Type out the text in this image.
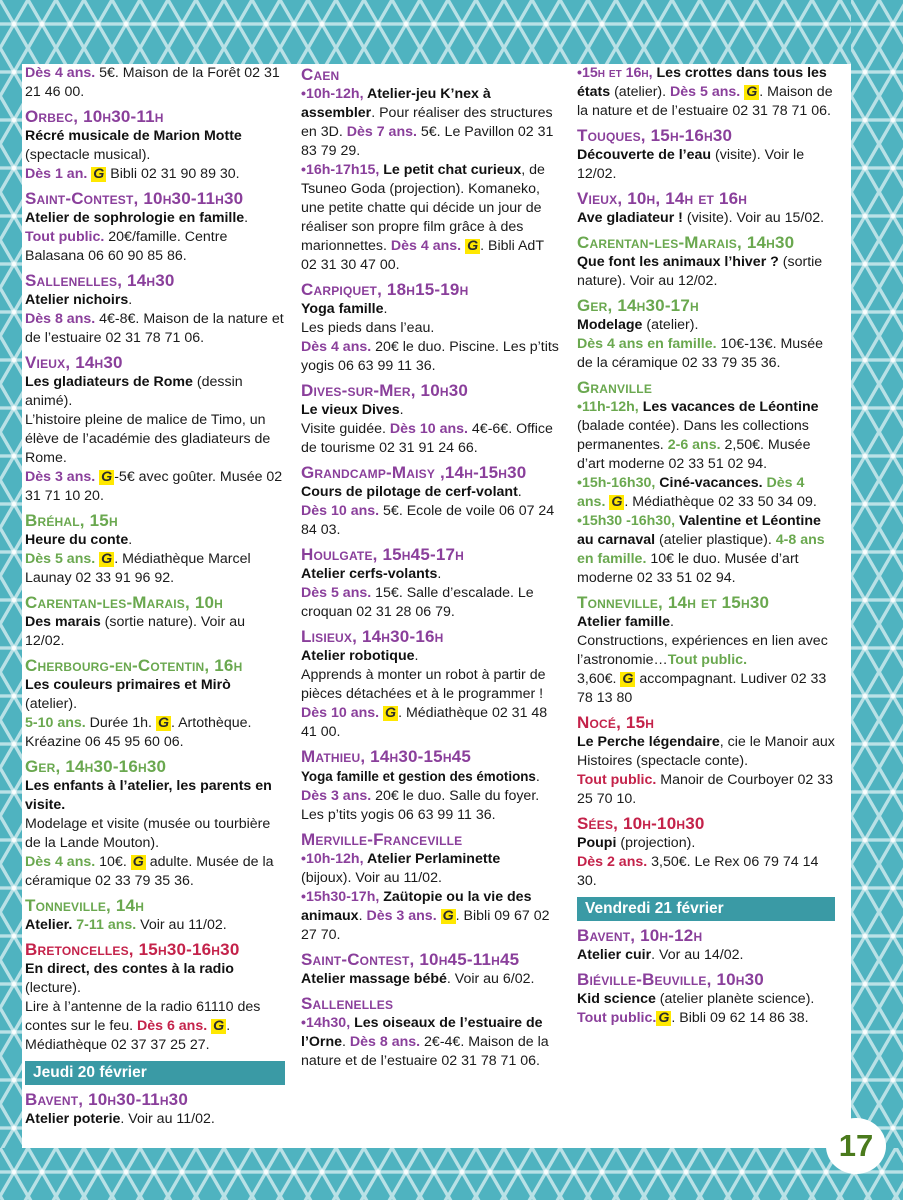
Dès 4 ans. 5€. Maison de la Forêt 02 31 21 46 00.
Orbec, 10h30-11h
Récré musicale de Marion Motte (spectacle musical).
Dès 1 an. G Bibli 02 31 90 89 30.
Saint-Contest, 10h30-11h30
Atelier de sophrologie en famille.
Tout public. 20€/famille. Centre Balasana 06 60 90 85 86.
Sallenelles, 14h30
Atelier nichoirs.
Dès 8 ans. 4€-8€. Maison de la nature et de l’estuaire 02 31 78 71 06.
Vieux, 14h30
Les gladiateurs de Rome (dessin animé).
L’histoire pleine de malice de Timo, un élève de l’académie des gladiateurs de Rome.
Dès 3 ans. G -5€ avec goûter. Musée 02 31 71 10 20.
Bréhal, 15h
Heure du conte.
Dès 5 ans. G . Médiathèque Marcel Launay 02 33 91 96 92.
Carentan-les-Marais, 10h
Des marais (sortie nature). Voir au 12/02.
Cherbourg-en-Cotentin, 16h
Les couleurs primaires et Mirò (atelier).
5-10 ans. Durée 1h. G . Artothèque. Kréazine 06 45 95 60 06.
Ger, 14h30-16h30
Les enfants à l’atelier, les parents en visite.
Modelage et visite (musée ou tourbière de la Lande Mouton).
Dès 4 ans. 10€. G adulte. Musée de la céramique 02 33 79 35 36.
Tonneville, 14h
Atelier. 7-11 ans. Voir au 11/02.
Bretoncelles, 15h30-16h30
En direct, des contes à la radio (lecture).
Lire à l’antenne de la radio 61110 des contes sur le feu. Dès 6 ans. G . Médiathèque 02 37 37 25 27.
Jeudi 20 février
Bavent, 10h30-11h30
Atelier poterie. Voir au 11/02.
Caen
•10h-12h, Atelier-jeu K’nex à assembler. Pour réaliser des structures en 3D. Dès 7 ans. 5€. Le Pavillon 02 31 83 79 29.
•16h-17h15, Le petit chat curieux, de Tsuneo Goda (projection). Komaneko, une petite chatte qui décide un jour de réaliser son propre film grâce à des marionnettes. Dès 4 ans. G . Bibli AdT 02 31 30 47 00.
Carpiquet, 18h15-19h
Yoga famille.
Les pieds dans l’eau.
Dès 4 ans. 20€ le duo. Piscine. Les p’tits yogis 06 63 99 11 36.
Dives-sur-Mer, 10h30
Le vieux Dives.
Visite guidée. Dès 10 ans. 4€-6€. Office de tourisme 02 31 91 24 66.
Grandcamp-Maisy ,14h-15h30
Cours de pilotage de cerf-volant.
Dès 10 ans. 5€. Ecole de voile 06 07 24 84 03.
Houlgate, 15h45-17h
Atelier cerfs-volants.
Dès 5 ans. 15€. Salle d’escalade. Le croquan 02 31 28 06 79.
Lisieux, 14h30-16h
Atelier robotique.
Apprends à monter un robot à partir de pièces détachées et à le programmer !
Dès 10 ans. G . Médiathèque 02 31 48 41 00.
Mathieu, 14h30-15h45
Yoga famille et gestion des émotions.
Dès 3 ans. 20€ le duo. Salle du foyer. Les p’tits yogis 06 63 99 11 36.
Merville-Franceville
•10h-12h, Atelier Perlaminette
(bijoux). Voir au 11/02.
•15h30-17h, Zaütopie ou la vie des animaux. Dès 3 ans. G . Bibli 09 67 02 27 70.
Saint-Contest, 10h45-11h45
Atelier massage bébé. Voir au 6/02.
Sallenelles
•14h30, Les oiseaux de l’estuaire de l’Orne. Dès 8 ans. 2€-4€. Maison de la nature et de l’estuaire 02 31 78 71 06.
•15h et 16h, Les crottes dans tous les états (atelier). Dès 5 ans. G . Maison de la nature et de l’estuaire 02 31 78 71 06.
Touques, 15h-16h30
Découverte de l’eau (visite). Voir le 12/02.
Vieux, 10h, 14h et 16h
Ave gladiateur ! (visite). Voir au 15/02.
Carentan-les-Marais, 14h30
Que font les animaux l’hiver ? (sortie nature). Voir au 12/02.
Ger, 14h30-17h
Modelage (atelier).
Dès 4 ans en famille. 10€-13€. Musée de la céramique 02 33 79 35 36.
Granville
•11h-12h, Les vacances de Léontine (balade contée). Dans les collections permanentes. 2-6 ans. 2,50€. Musée d’art moderne 02 33 51 02 94.
•15h-16h30, Ciné-vacances. Dès 4 ans. G . Médiathèque 02 33 50 34 09.
•15h30 -16h30, Valentine et Léontine au carnaval (atelier plastique). 4-8 ans en famille. 10€ le duo. Musée d’art moderne 02 33 51 02 94.
Tonneville, 14h et 15h30
Atelier famille.
Constructions, expériences en lien avec l’astronomie…Tout public.
3,60€. G accompagnant. Ludiver 02 33 78 13 80
Nocé, 15h
Le Perche légendaire, cie le Manoir aux Histoires (spectacle conte).
Tout public. Manoir de Courboyer 02 33 25 70 10.
Sées, 10h-10h30
Poupi (projection).
Dès 2 ans. 3,50€. Le Rex 06 79 74 14 30.
Vendredi 21 février
Bavent, 10h-12h
Atelier cuir. Vor au 14/02.
Biéville-Beuville, 10h30
Kid science (atelier planète science).
Tout public. G . Bibli 09 62 14 86 38.
17
